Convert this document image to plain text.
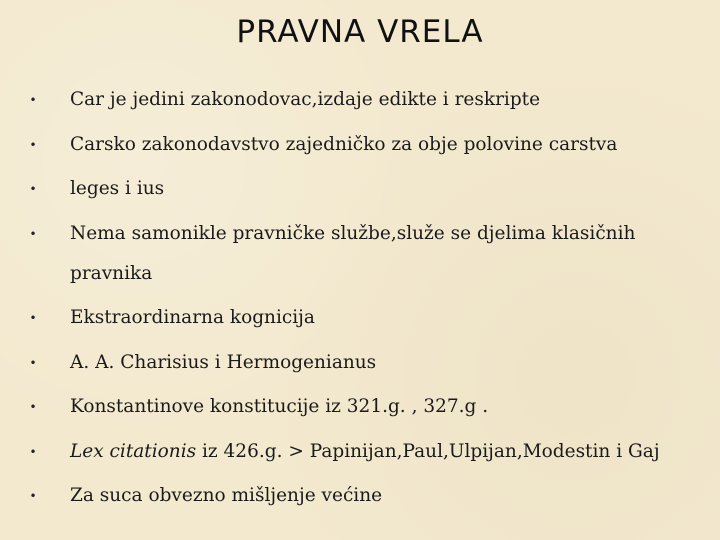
PRAVNA VRELA
• Car je jedini zakonodovac,izdaje edikte i reskripte
• Carsko zakonodavstvo zajedničko za obje polovine carstva
• leges i ius
• Nema samonikle pravničke službe,služe se djelima klasičnih pravnika
• Ekstraordinarna kognicija
• A. A. Charisius i Hermogenianus
• Konstantinove konstitucije iz 321.g. , 327.g .
• Lex citationis iz 426.g. > Papinijan,Paul,Ulpijan,Modestin i Gaj
• Za suca obvezno mišljenje većine
